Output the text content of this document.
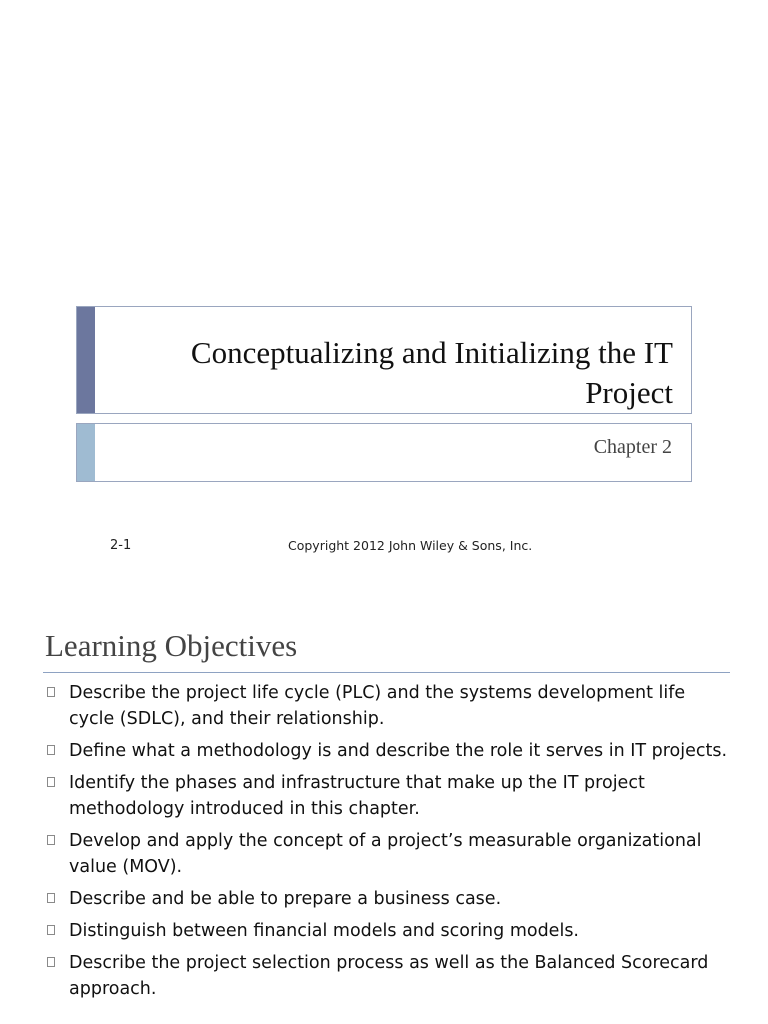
Conceptualizing and Initializing the IT Project
Chapter 2
2-1	Copyright 2012 John Wiley & Sons, Inc.
Learning Objectives
Describe the project life cycle (PLC) and the systems development life cycle (SDLC), and their relationship.
Define what a methodology is and describe the role it serves in IT projects.
Identify the phases and infrastructure that make up the IT project methodology introduced in this chapter.
Develop and apply the concept of a project’s measurable organizational value (MOV).
Describe and be able to prepare a business case.
Distinguish between financial models and scoring models.
Describe the project selection process as well as the Balanced Scorecard approach.
